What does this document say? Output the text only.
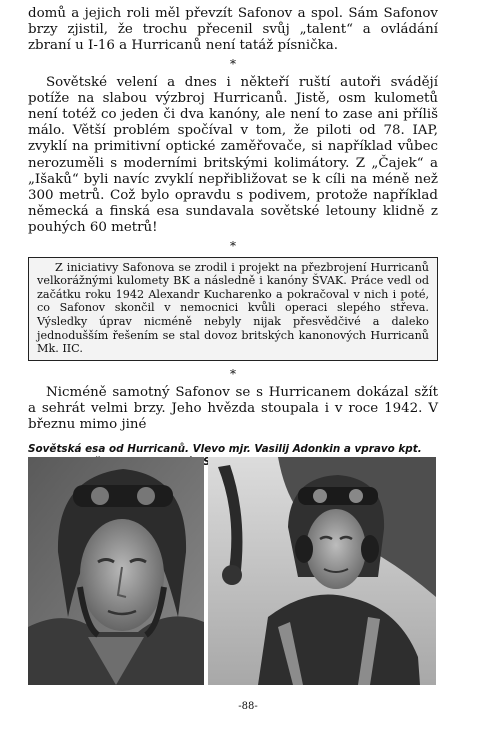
domů a jejich roli měl převzít Safonov a spol. Sám Safonov brzy zjistil, že trochu přecenil svůj „talent“ a ovládání zbraní u I-16 a Hurricanů není tatáž písnička.

*

Sovětské velení a dnes i někteří ruští autoři svádějí potíže na slabou výzbroj Hurricanů. Jistě, osm kulometů není totéž co jeden či dva kanóny, ale není to zase ani příliš málo. Větší problém spočíval v tom, že piloti od 78. IAP, zvyklí na primitivní optické zaměřovače, si například vůbec nerozuměli s moderními britskými kolimátory. Z „Čajek“ a „Išaků“ byli navíc zvyklí nepřibližovat se k cíli na méně než 300 metrů. Což bylo opravdu s podivem, protože například německá a finská esa sundavala sovětské letouny klidně z pouhých 60 metrů!

*

Z iniciativy Safonova se zrodil i projekt na přezbrojení Hurricanů velkorážnými kulomety BK a následně i kanóny ŠVAK. Práce vedl od začátku roku 1942 Alexandr Kucharenko a pokračoval v nich i poté, co Safonov skončil v nemocnici kvůli operaci slepého střeva. Výsledky úprav nicméně nebyly nijak přesvědčivé a daleko jednodušším řešením se stal dovoz britských kanonových Hurricanů Mk. IIC.

*

Nicméně samotný Safonov se s Hurricanem dokázal sžít a sehrát velmi brzy. Jeho hvězda stoupala i v roce 1942. V březnu mimo jiné

Sovětská esa od Hurricanů. Vlevo mjr. Vasilij Adonkin a vpravo kpt.

-88-
